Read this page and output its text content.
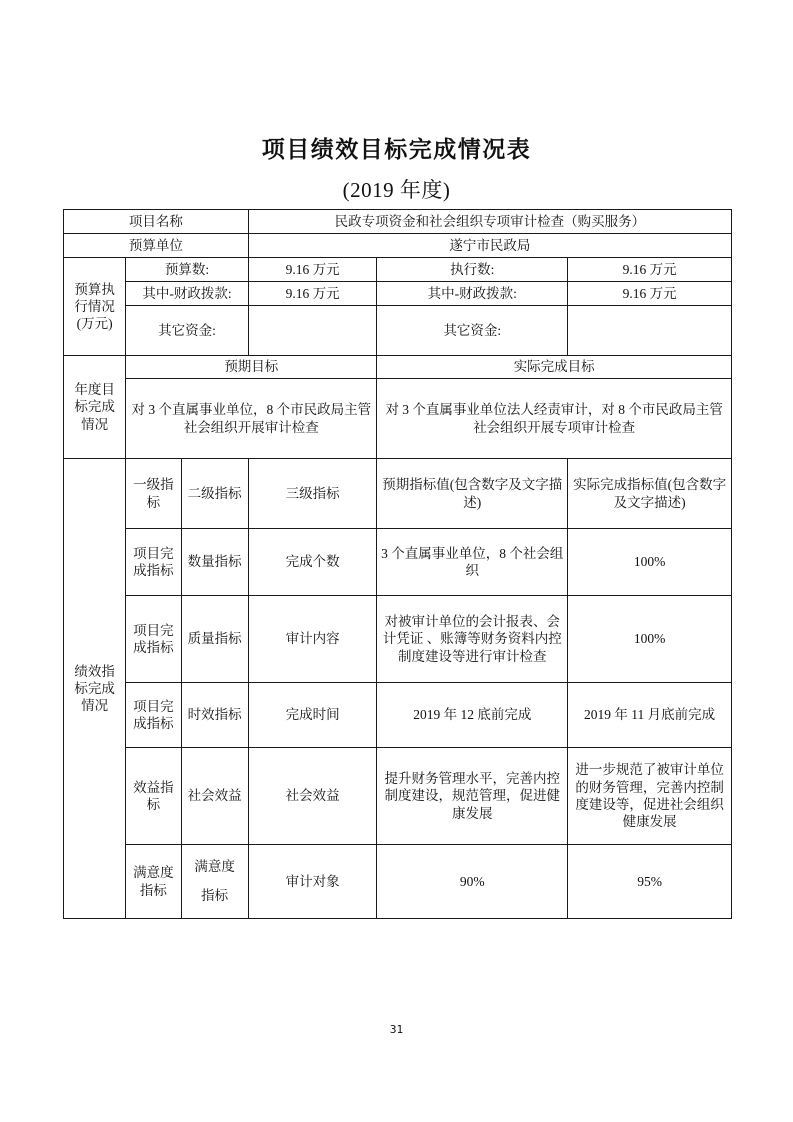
项目绩效目标完成情况表
(2019 年度)
项目名称			民政专项资金和社会组织专项审计检查（购买服务）		
预算单位			遂宁市民政局		
预算执行情况(万元)	预算数:		9.16 万元	执行数:	9.16 万元
	其中-财政拨款:		9.16 万元	其中-财政拨款:	9.16 万元
	其它资金:			其它资金:	
年度目标完成情况	预期目标			实际完成目标	
	对 3 个直属事业单位，8 个市民政局主管社会组织开展审计检查			对 3 个直属事业单位法人经责审计，对 8 个市民政局主管社会组织开展专项审计检查	
绩效指标完成情况	一级指标	二级指标	三级指标	预期指标值(包含数字及文字描述)	实际完成指标值(包含数字及文字描述)
	项目完成指标	数量指标	完成个数	3 个直属事业单位，8 个社会组织	100%
	项目完成指标	质量指标	审计内容	对被审计单位的会计报表、会计凭证 、账簿等财务资料内控制度建设等进行审计检查	100%
	项目完成指标	时效指标	完成时间	2019 年 12 底前完成	2019 年 11 月底前完成
	效益指标	社会效益	社会效益	提升财务管理水平，完善内控制度建设，规范管理，促进健康发展	进一步规范了被审计单位的财务管理，完善内控制度建设等，促进社会组织健康发展
	满意度指标	满意度指标	审计对象	90%	95%
31
